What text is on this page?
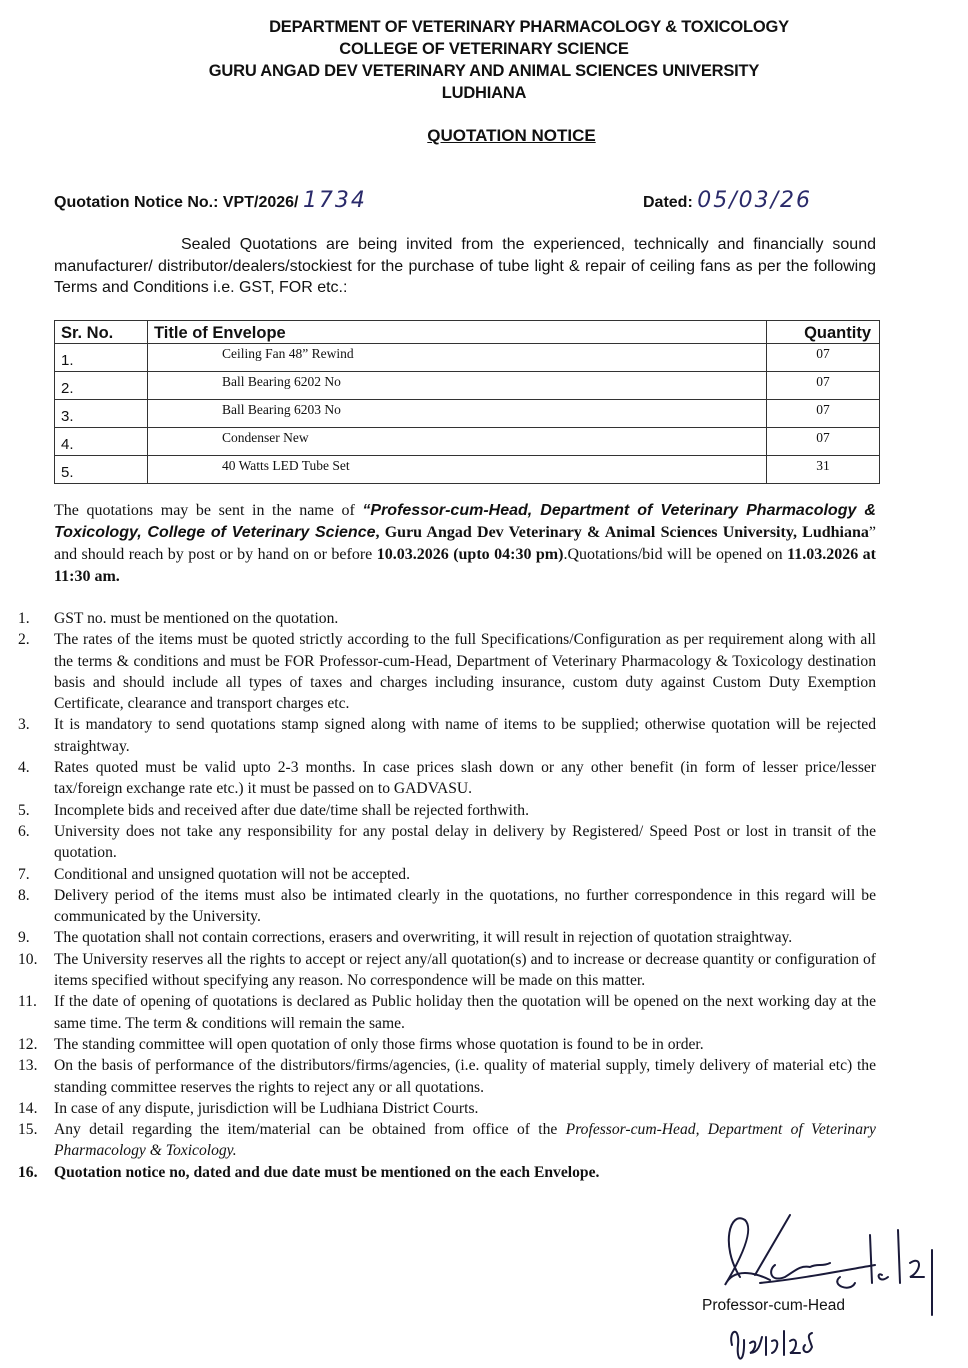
DEPARTMENT OF VETERINARY PHARMACOLOGY & TOXICOLOGY
COLLEGE OF VETERINARY SCIENCE
GURU ANGAD DEV VETERINARY AND ANIMAL SCIENCES UNIVERSITY
LUDHIANA
QUOTATION NOTICE
Quotation Notice No.: VPT/2026/ 1734	Dated: 05/03/26
Sealed Quotations are being invited from the experienced, technically and financially sound manufacturer/ distributor/dealers/stockiest for the purchase of tube light & repair of ceiling fans as per the following Terms and Conditions i.e. GST, FOR etc.:
Sr. No.	Title of Envelope	Quantity
1.	Ceiling Fan 48” Rewind	07
2.	Ball Bearing 6202 No	07
3.	Ball Bearing 6203 No	07
4.	Condenser New	07
5.	40 Watts LED Tube Set	31
The quotations may be sent in the name of “Professor-cum-Head, Department of Veterinary Pharmacology & Toxicology, College of Veterinary Science, Guru Angad Dev Veterinary & Animal Sciences University, Ludhiana” and should reach by post or by hand on or before 10.03.2026 (upto 04:30 pm).Quotations/bid will be opened on 11.03.2026 at 11:30 am.
1.	GST no. must be mentioned on the quotation.
2.	The rates of the items must be quoted strictly according to the full Specifications/Configuration as per requirement along with all the terms & conditions and must be FOR Professor-cum-Head, Department of Veterinary Pharmacology & Toxicology destination basis and should include all types of taxes and charges including insurance, custom duty against Custom Duty Exemption Certificate, clearance and transport charges etc.
3.	It is mandatory to send quotations stamp signed along with name of items to be supplied; otherwise quotation will be rejected straightway.
4.	Rates quoted must be valid upto 2-3 months. In case prices slash down or any other benefit (in form of lesser price/lesser tax/foreign exchange rate etc.) it must be passed on to GADVASU.
5.	Incomplete bids and received after due date/time shall be rejected forthwith.
6.	University does not take any responsibility for any postal delay in delivery by Registered/ Speed Post or lost in transit of the quotation.
7.	Conditional and unsigned quotation will not be accepted.
8.	Delivery period of the items must also be intimated clearly in the quotations, no further correspondence in this regard will be communicated by the University.
9.	The quotation shall not contain corrections, erasers and overwriting, it will result in rejection of quotation straightway.
10.	The University reserves all the rights to accept or reject any/all quotation(s) and to increase or decrease quantity or configuration of items specified without specifying any reason. No correspondence will be made on this matter.
11.	If the date of opening of quotations is declared as Public holiday then the quotation will be opened on the next working day at the same time. The term & conditions will remain the same.
12.	The standing committee will open quotation of only those firms whose quotation is found to be in order.
13.	On the basis of performance of the distributors/firms/agencies, (i.e. quality of material supply, timely delivery of material etc) the standing committee reserves the rights to reject any or all quotations.
14.	In case of any dispute, jurisdiction will be Ludhiana District Courts.
15.	Any detail regarding the item/material can be obtained from office of the Professor-cum-Head, Department of Veterinary Pharmacology & Toxicology.
16.	Quotation notice no, dated and due date must be mentioned on the each Envelope.
Professor-cum-Head
